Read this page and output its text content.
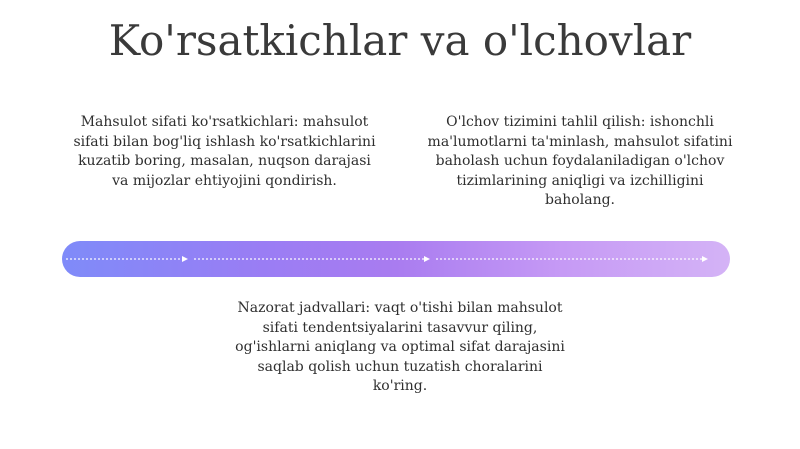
Ko'rsatkichlar va o'lchovlar
Mahsulot sifati ko'rsatkichlari: mahsulot sifati bilan bog'liq ishlash ko'rsatkichlarini kuzatib boring, masalan, nuqson darajasi va mijozlar ehtiyojini qondirish.
O'lchov tizimini tahlil qilish: ishonchli ma'lumotlarni ta'minlash, mahsulot sifatini baholash uchun foydalaniladigan o'lchov tizimlarining aniqligi va izchilligini baholang.
Nazorat jadvallari: vaqt o'tishi bilan mahsulot sifati tendentsiyalarini tasavvur qiling, og'ishlarni aniqlang va optimal sifat darajasini saqlab qolish uchun tuzatish choralarini ko'ring.
